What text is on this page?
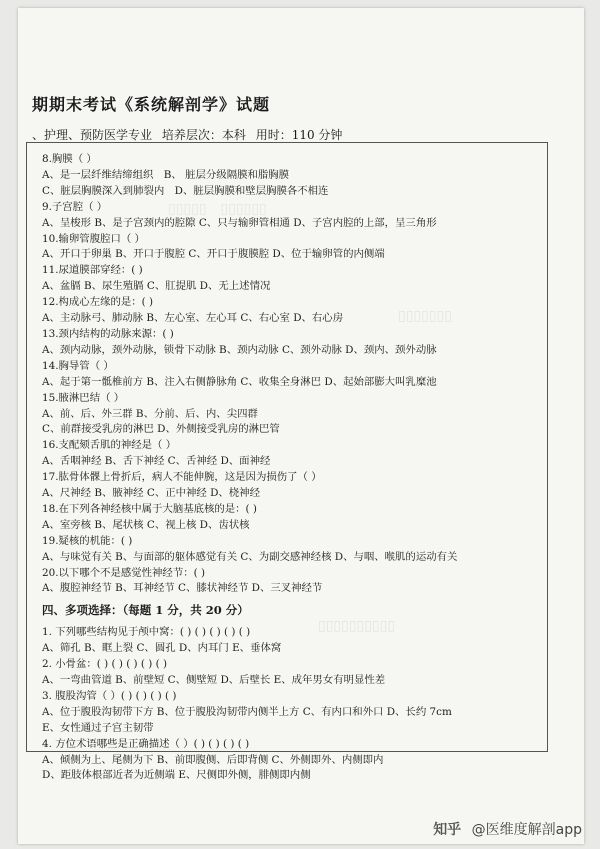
▯▯▯▯▯　▯▯▯▯▯▯
▯▯▯▯▯▯▯
▯▯▯▯▯▯▯▯▯▯
期期末考试《系统解剖学》试题
、护理、预防医学专业 培养层次：本科 用时：110 分钟
8.胸膜（ ）
A、是一层纤维结缔组织　B、 脏层分级隔膜和脂胸膜
C、脏层胸膜深入到肺裂内　D、脏层胸膜和壁层胸膜各不相连
9.子宫腔（ ）
A、呈梭形 B、是子宫颈内的腔隙 C、只与输卵管相通 D、子宫内腔的上部，呈三角形
10.输卵管腹腔口（ ）
A、开口于卵巢 B、开口于腹腔 C、开口于腹膜腔 D、位于输卵管的内侧端
11.尿道膜部穿经：( )
A、盆膈 B、尿生殖膈 C、肛提肌 D、无上述情况
12.构成心左缘的是：( )
A、主动脉弓、肺动脉 B、左心室、左心耳 C、右心室 D、右心房
13.颈内结构的动脉来源：( )
A、颈内动脉，颈外动脉，锁骨下动脉 B、颈内动脉 C、颈外动脉 D、颈内、颈外动脉
14.胸导管（ ）
A、起于第一骶椎前方 B、注入右侧静脉角 C、收集全身淋巴 D、起始部膨大叫乳糜池
15.腋淋巴结（ ）
A、前、后、外三群 B、分前、后、内、尖四群
C、前群接受乳房的淋巴 D、外侧接受乳房的淋巴管
16.支配颏舌肌的神经是（ ）
A、舌咽神经 B、舌下神经 C、舌神经 D、面神经
17.肱骨体髁上骨折后，病人不能伸腕，这是因为损伤了（ ）
A、尺神经 B、腋神经 C、正中神经 D、桡神经
18.在下列各神经核中属于大脑基底核的是：( )
A、室旁核 B、尾状核 C、视上核 D、齿状核
19.疑核的机能：( )
A、与味觉有关 B、与面部的躯体感觉有关 C、为副交感神经核 D、与咽、喉肌的运动有关
20.以下哪个不是感觉性神经节：( )
A、腹腔神经节 B、耳神经节 C、膝状神经节 D、三叉神经节
四、多项选择：（每题 1 分，共 20 分）
1. 下列哪些结构见于颅中窝：( ) ( ) ( ) ( ) ( )
A、筛孔 B、眶上裂 C、圆孔 D、内耳门 E、垂体窝
2. 小骨盆：( ) ( ) ( ) ( ) ( )
A、一弯曲管道 B、前壁短 C、侧壁短 D、后壁长 E、成年男女有明显性差
3. 腹股沟管（ ）( ) ( ) ( ) ( )
A、位于腹股沟韧带下方 B、位于腹股沟韧带内侧半上方 C、有内口和外口 D、长约 7cm
E、女性通过子宫主韧带
4. 方位术语哪些是正确描述（ ）( ) ( ) ( ) ( )
A、倾侧为上、尾侧为下 B、前即腹侧、后即背侧 C、外侧即外、内侧即内
D、距肢体根部近者为近侧端 E、尺侧即外侧，腓侧即内侧
知乎 @医维度解剖app
